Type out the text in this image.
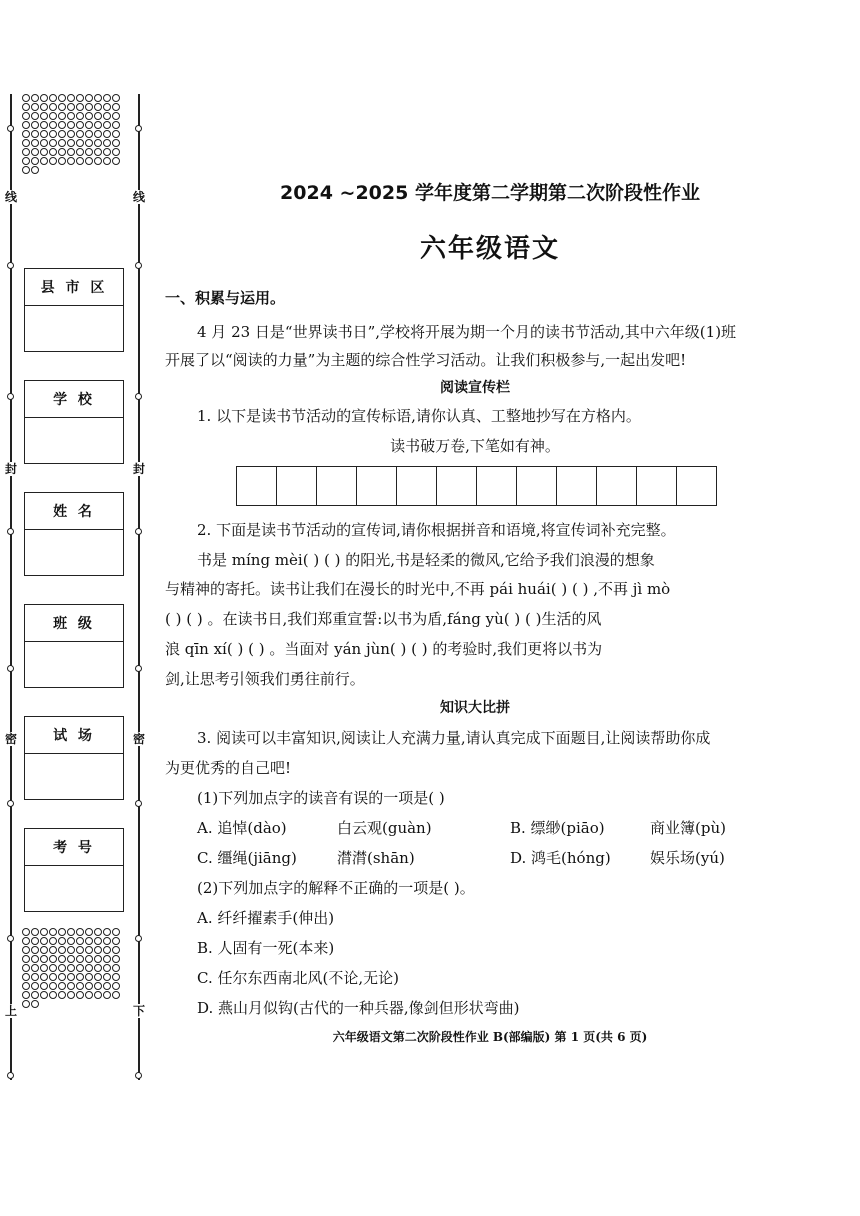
线
封
密
上
线
封
密
下
县 市 区
学 校
姓 名
班 级
试 场
考 号
2024 ~2025 学年度第二学期第二次阶段性作业
六年级语文
一、积累与运用。
4 月 23 日是“世界读书日”,学校将开展为期一个月的读书节活动,其中六年级(1)班
开展了以“阅读的力量”为主题的综合性学习活动。让我们积极参与,一起出发吧!
阅读宣传栏
1. 以下是读书节活动的宣传标语,请你认真、工整地抄写在方格内。
读书破万卷,下笔如有神。
2. 下面是读书节活动的宣传词,请你根据拼音和语境,将宣传词补充完整。
书是 míng mèi( ) ( ) 的阳光,书是轻柔的微风,它给予我们浪漫的想象
与精神的寄托。读书让我们在漫长的时光中,不再 pái huái( ) ( ) ,不再 jì mò
( ) ( ) 。在读书日,我们郑重宣誓:以书为盾,fáng yù( ) ( )生活的风
浪 qīn xí( ) ( ) 。当面对 yán jùn( ) ( ) 的考验时,我们更将以书为
剑,让思考引领我们勇往前行。
知识大比拼
3. 阅读可以丰富知识,阅读让人充满力量,请认真完成下面题目,让阅读帮助你成
为更优秀的自己吧!
(1)下列加点字的读音有误的一项是( )
A. 追悼(dào)	白云观(guàn)	B. 缥缈(piāo)	商业簿(pù)
C. 缰绳(jiāng)	潸潸(shān)	D. 鸿毛(hóng)	娱乐场(yú)
(2)下列加点字的解释不正确的一项是( )。
A. 纤纤擢素手(伸出)
B. 人固有一死(本来)
C. 任尔东西南北风(不论,无论)
D. 燕山月似钩(古代的一种兵器,像剑但形状弯曲)
六年级语文第二次阶段性作业 B(部编版) 第 1 页(共 6 页)
